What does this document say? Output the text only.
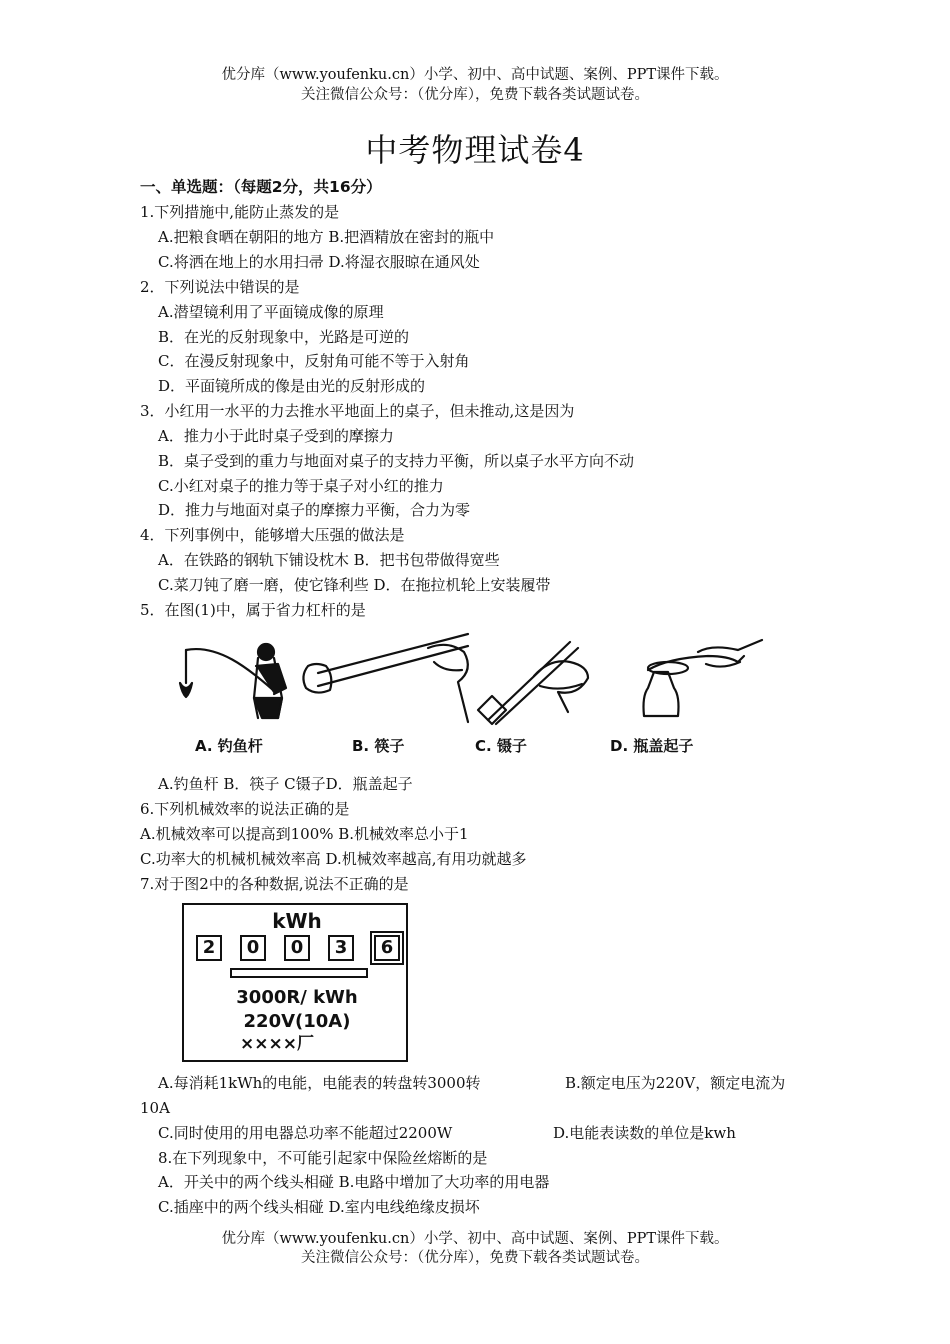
优分库（www.youfenku.cn）小学、初中、高中试题、案例、PPT课件下载。
关注微信公众号：（优分库），免费下载各类试题试卷。
中考物理试卷4
一、单选题：（每题2分，共16分）
1.下列措施中,能防止蒸发的是
A.把粮食晒在朝阳的地方 B.把酒精放在密封的瓶中
C.将洒在地上的水用扫帚 D.将湿衣服晾在通风处
2．下列说法中错误的是
A.潜望镜利用了平面镜成像的原理
B．在光的反射现象中，光路是可逆的
C．在漫反射现象中，反射角可能不等于入射角
D．平面镜所成的像是由光的反射形成的
3．小红用一水平的力去推水平地面上的桌子，但未推动,这是因为
A．推力小于此时桌子受到的摩擦力
B．桌子受到的重力与地面对桌子的支持力平衡，所以桌子水平方向不动
C.小红对桌子的推力等于桌子对小红的推力
D．推力与地面对桌子的摩擦力平衡，合力为零
4．下列事例中，能够增大压强的做法是
A．在铁路的钢轨下铺设枕木 B．把书包带做得宽些
C.菜刀钝了磨一磨，使它锋利些 D．在拖拉机轮上安装履带
5．在图(1)中，属于省力杠杆的是
A. 钓鱼杆	B. 筷子	C. 镊子	D. 瓶盖起子
A.钓鱼杆 B．筷子 C镊子D．瓶盖起子
6.下列机械效率的说法正确的是
A.机械效率可以提高到100% B.机械效率总小于1
C.功率大的机械机械效率高 D.机械效率越高,有用功就越多
7.对于图2中的各种数据,说法不正确的是
kWh
2	0	0	3	6
3000R/ kWh
220V(10A)
××××厂
A.每消耗1kWh的电能，电能表的转盘转3000转	B.额定电压为220V，额定电流为
10A
C.同时使用的用电器总功率不能超过2200W	D.电能表读数的单位是kwh
8.在下列现象中，不可能引起家中保险丝熔断的是
A．开关中的两个线头相碰 B.电路中增加了大功率的用电器
C.插座中的两个线头相碰 D.室内电线绝缘皮损坏
优分库（www.youfenku.cn）小学、初中、高中试题、案例、PPT课件下载。
关注微信公众号：（优分库），免费下载各类试题试卷。
